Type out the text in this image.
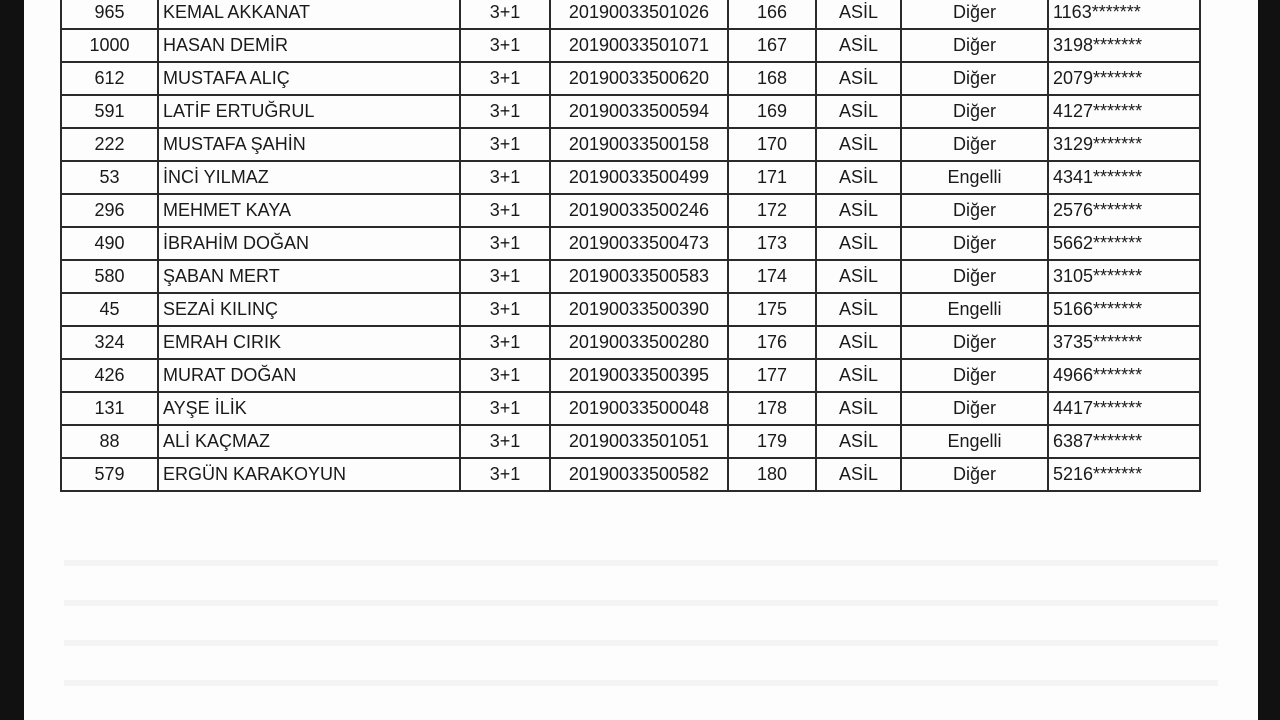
965	KEMAL AKKANAT	3+1	20190033501026	166	ASİL	Diğer	1163*******
1000	HASAN DEMİR	3+1	20190033501071	167	ASİL	Diğer	3198*******
612	MUSTAFA ALIÇ	3+1	20190033500620	168	ASİL	Diğer	2079*******
591	LATİF ERTUĞRUL	3+1	20190033500594	169	ASİL	Diğer	4127*******
222	MUSTAFA ŞAHİN	3+1	20190033500158	170	ASİL	Diğer	3129*******
53	İNCİ YILMAZ	3+1	20190033500499	171	ASİL	Engelli	4341*******
296	MEHMET KAYA	3+1	20190033500246	172	ASİL	Diğer	2576*******
490	İBRAHİM DOĞAN	3+1	20190033500473	173	ASİL	Diğer	5662*******
580	ŞABAN MERT	3+1	20190033500583	174	ASİL	Diğer	3105*******
45	SEZAİ KILINÇ	3+1	20190033500390	175	ASİL	Engelli	5166*******
324	EMRAH CIRIK	3+1	20190033500280	176	ASİL	Diğer	3735*******
426	MURAT DOĞAN	3+1	20190033500395	177	ASİL	Diğer	4966*******
131	AYŞE İLİK	3+1	20190033500048	178	ASİL	Diğer	4417*******
88	ALİ KAÇMAZ	3+1	20190033501051	179	ASİL	Engelli	6387*******
579	ERGÜN KARAKOYUN	3+1	20190033500582	180	ASİL	Diğer	5216*******
